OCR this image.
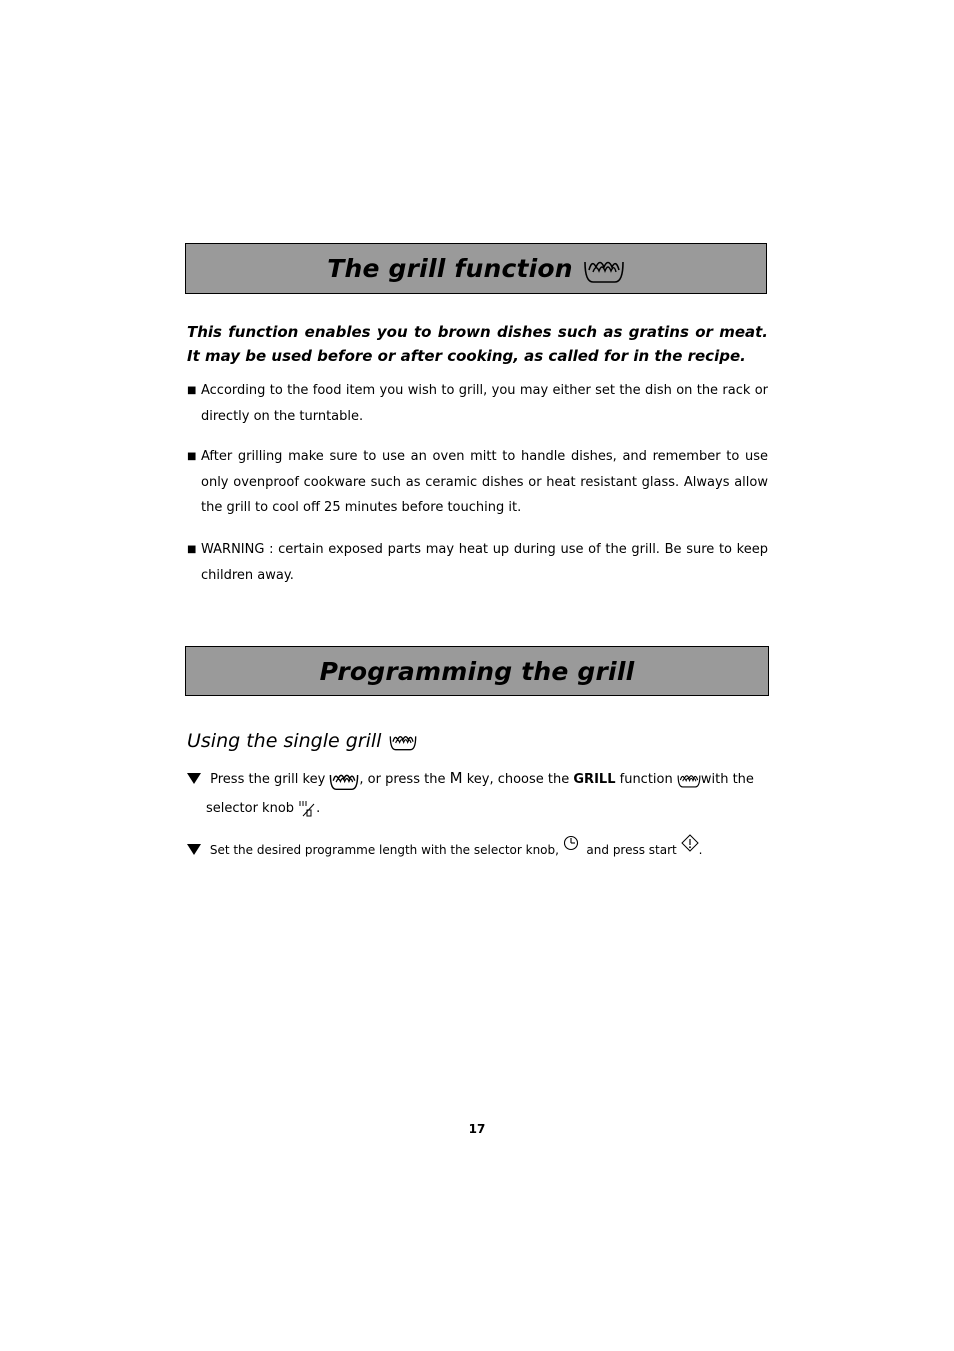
The grill function

This function enables you to brown dishes such as gratins or meat. It may be used before or after cooking, as called for in the recipe.

■ According to the food item you wish to grill, you may either set the dish on the rack or directly on the turntable.
■ After grilling make sure to use an oven mitt to handle dishes, and remember to use only ovenproof cookware such as ceramic dishes or heat resistant glass. Always allow the grill to cool off 25 minutes before touching it.
■ WARNING : certain exposed parts may heat up during use of the grill. Be sure to keep children away.
Programming the grill
Using the single grill
Press the grill key	, or press the M key, choose the GRILL function with the
selector knob .
Set the desired programme length with the selector knob, and press start .
17
